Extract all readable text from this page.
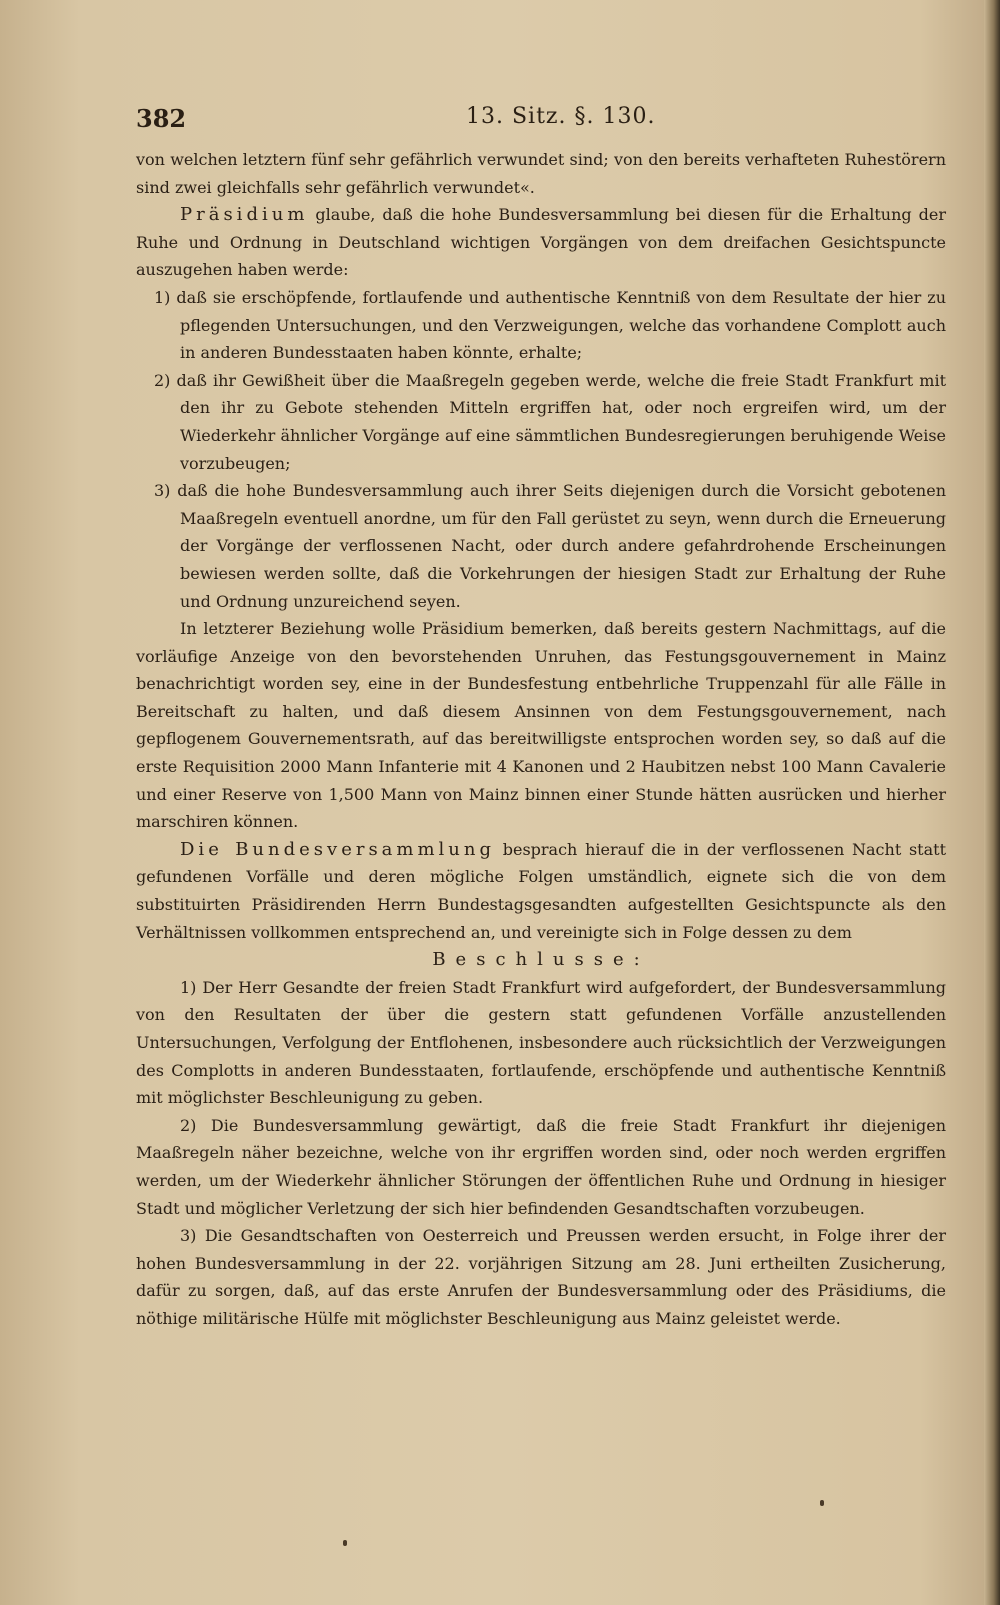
382	13. Sitz. §. 130.

von welchen letztern fünf sehr gefährlich verwundet sind; von den bereits verhafteten Ruhestörern sind zwei gleichfalls sehr gefährlich verwundet«.

Präsidium glaube, daß die hohe Bundesversammlung bei diesen für die Erhaltung der Ruhe und Ordnung in Deutschland wichtigen Vorgängen von dem dreifachen Gesichtspuncte auszugehen haben werde:

1) daß sie erschöpfende, fortlaufende und authentische Kenntniß von dem Resultate der hier zu pflegenden Untersuchungen, und den Verzweigungen, welche das vorhandene Complott auch in anderen Bundesstaaten haben könnte, erhalte;

2) daß ihr Gewißheit über die Maaßregeln gegeben werde, welche die freie Stadt Frankfurt mit den ihr zu Gebote stehenden Mitteln ergriffen hat, oder noch ergreifen wird, um der Wiederkehr ähnlicher Vorgänge auf eine sämmtlichen Bundesregierungen beruhigende Weise vorzubeugen;

3) daß die hohe Bundesversammlung auch ihrer Seits diejenigen durch die Vorsicht gebotenen Maaßregeln eventuell anordne, um für den Fall gerüstet zu seyn, wenn durch die Erneuerung der Vorgänge der verflossenen Nacht, oder durch andere gefahrdrohende Erscheinungen bewiesen werden sollte, daß die Vorkehrungen der hiesigen Stadt zur Erhaltung der Ruhe und Ordnung unzureichend seyen.

In letzterer Beziehung wolle Präsidium bemerken, daß bereits gestern Nachmittags, auf die vorläufige Anzeige von den bevorstehenden Unruhen, das Festungsgouvernement in Mainz benachrichtigt worden sey, eine in der Bundesfestung entbehrliche Truppenzahl für alle Fälle in Bereitschaft zu halten, und daß diesem Ansinnen von dem Festungsgouvernement, nach gepflogenem Gouvernementsrath, auf das bereitwilligste entsprochen worden sey, so daß auf die erste Requisition 2000 Mann Infanterie mit 4 Kanonen und 2 Haubitzen nebst 100 Mann Cavalerie und einer Reserve von 1,500 Mann von Mainz binnen einer Stunde hätten ausrücken und hierher marschiren können.

Die Bundesversammlung besprach hierauf die in der verflossenen Nacht statt gefundenen Vorfälle und deren mögliche Folgen umständlich, eignete sich die von dem substituirten Präsidirenden Herrn Bundestagsgesandten aufgestellten Gesichtspuncte als den Verhältnissen vollkommen entsprechend an, und vereinigte sich in Folge dessen zu dem

Beschlusse:

1) Der Herr Gesandte der freien Stadt Frankfurt wird aufgefordert, der Bundesversammlung von den Resultaten der über die gestern statt gefundenen Vorfälle anzustellenden Untersuchungen, Verfolgung der Entflohenen, insbesondere auch rücksichtlich der Verzweigungen des Complotts in anderen Bundesstaaten, fortlaufende, erschöpfende und authentische Kenntniß mit möglichster Beschleunigung zu geben.

2) Die Bundesversammlung gewärtigt, daß die freie Stadt Frankfurt ihr diejenigen Maaßregeln näher bezeichne, welche von ihr ergriffen worden sind, oder noch werden ergriffen werden, um der Wiederkehr ähnlicher Störungen der öffentlichen Ruhe und Ordnung in hiesiger Stadt und möglicher Verletzung der sich hier befindenden Gesandtschaften vorzubeugen.

3) Die Gesandtschaften von Oesterreich und Preussen werden ersucht, in Folge ihrer der hohen Bundesversammlung in der 22. vorjährigen Sitzung am 28. Juni ertheilten Zusicherung, dafür zu sorgen, daß, auf das erste Anrufen der Bundesversammlung oder des Präsidiums, die nöthige militärische Hülfe mit möglichster Beschleunigung aus Mainz geleistet werde.
